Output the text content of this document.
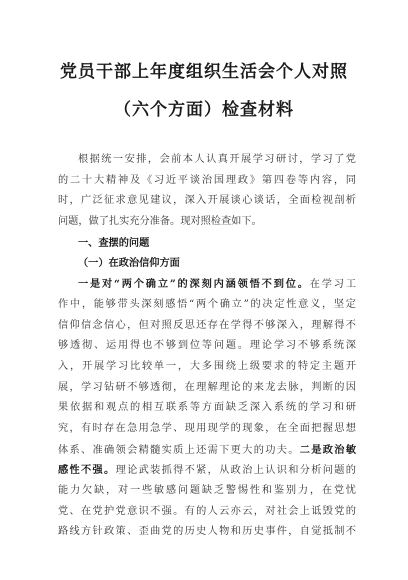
党员干部上年度组织生活会个人对照
（六个方面）检查材料
根据统一安排，会前本人认真开展学习研讨，学习了党
的二十大精神及《习近平谈治国理政》第四卷等内容，同
时，广泛征求意见建议，深入开展谈心谈话，全面检视剖析
问题，做了扎实充分准备。现对照检查如下。
一、查摆的问题
（一）在政治信仰方面
一是对“两个确立”的深刻内涵领悟不到位。在学习工
作中，能够带头深刻感悟“两个确立”的决定性意义，坚定
信仰信念信心，但对照反思还存在学得不够深入，理解得不
够透彻、运用得也不够到位等问题。理论学习不够系统深
入，开展学习比较单一，大多围绕上级要求的特定主题开
展，学习钻研不够透彻，在理解理论的来龙去脉，判断的因
果依据和观点的相互联系等方面缺乏深入系统的学习和研
究，有时存在急用急学、现用现学的现象，在全面把握思想
体系、准确领会精髓实质上还需下更大的功夫。二是政治敏
感性不强。理论武装抓得不紧，从政治上认识和分析问题的
能力欠缺，对一些敏感问题缺乏警惕性和鉴别力，在党忧
党、在党护党意识不强。有的人云亦云，对社会上诋毁党的
路线方针政策、歪曲党的历史人物和历史事件，自觉抵制不
